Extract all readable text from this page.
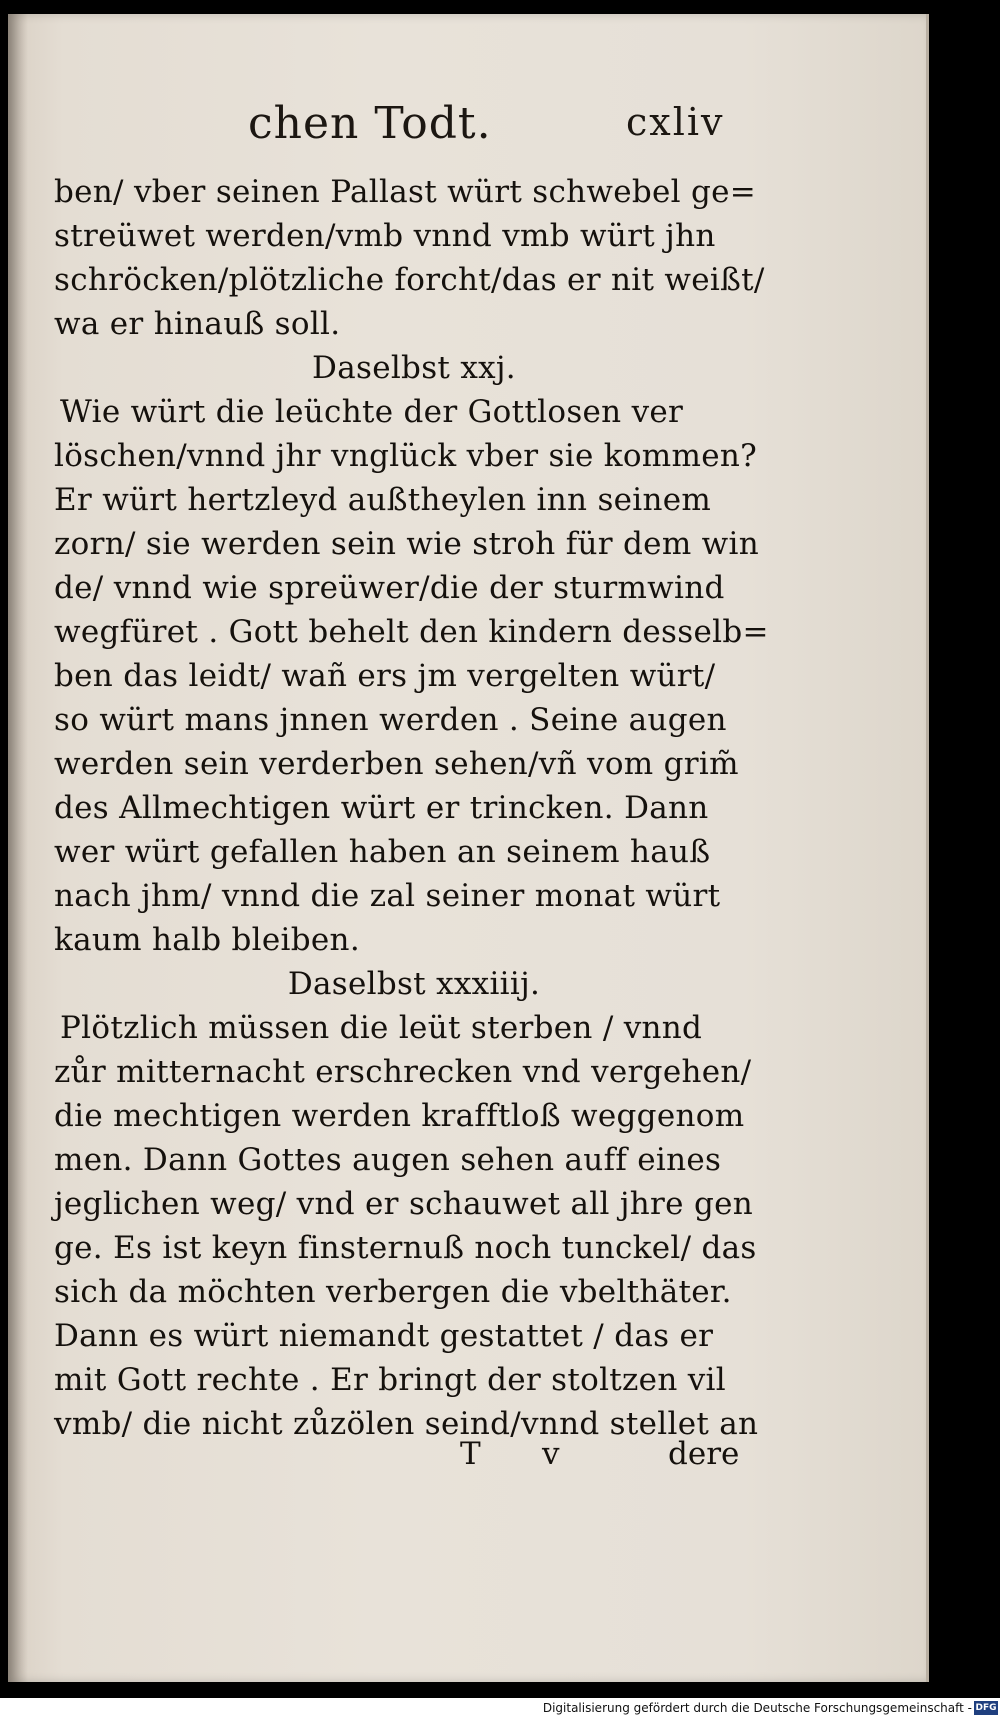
chen Todt.	cxliv
ben/ vber seinen Pallast würt schwebel ge=
streüwet werden/vmb vnnd vmb würt jhn
schröcken/plötzliche forcht/das er nit weißt/
wa er hinauß soll.
Daselbst xxj.
Wie würt die leüchte der Gottlosen ver
löschen/vnnd jhr vnglück vber sie kommen?
Er würt hertzleyd außtheylen inn seinem
zorn/ sie werden sein wie stroh für dem win
de/ vnnd wie spreüwer/die der sturmwind
wegfüret . Gott behelt den kindern desselb=
ben das leidt/ wañ ers jm vergelten würt/
so würt mans jnnen werden . Seine augen
werden sein verderben sehen/vñ vom grim̃
des Allmechtigen würt er trincken. Dann
wer würt gefallen haben an seinem hauß
nach jhm/ vnnd die zal seiner monat würt
kaum halb bleiben.
Daselbst xxxiiij.
Plötzlich müssen die leüt sterben / vnnd
zůr mitternacht erschrecken vnd vergehen/
die mechtigen werden krafftloß weggenom
men. Dann Gottes augen sehen auff eines
jeglichen weg/ vnd er schauwet all jhre gen
ge. Es ist keyn finsternuß noch tunckel/ das
sich da möchten verbergen die vbelthäter.
Dann es würt niemandt gestattet / das er
mit Gott rechte . Er bringt der stoltzen vil
vmb/ die nicht zůzölen seind/vnnd stellet an
T v	dere
Digitalisierung gefördert durch die Deutsche Forschungsgemeinschaft - DFG
